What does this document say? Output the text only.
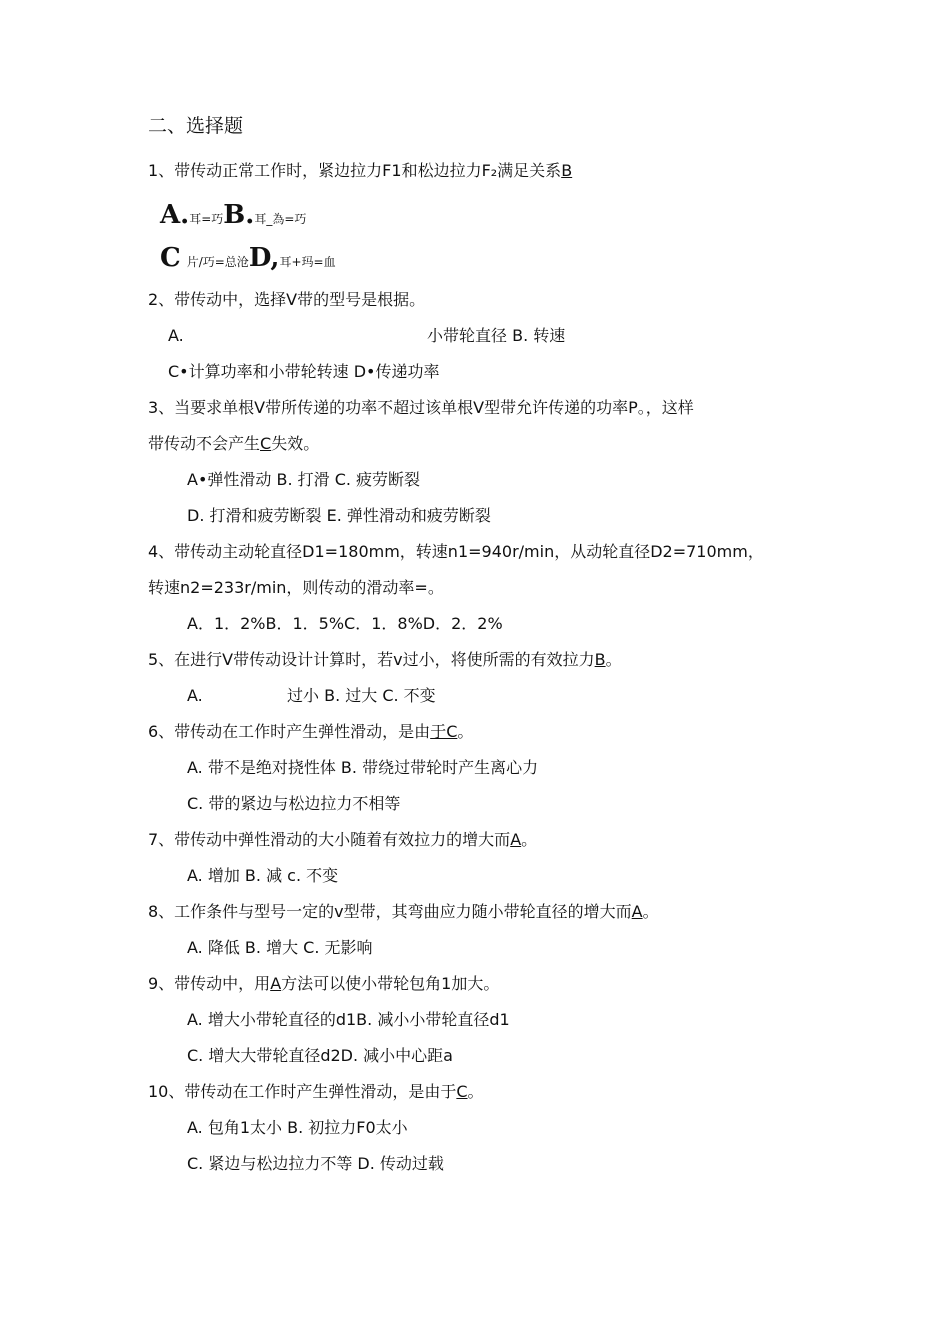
二、选择题
1、带传动正常工作时，紧边拉力F1和松边拉力F₂满足关系B
A.耳=巧B.耳_為=巧
C片/巧=总沧D,耳+玛=血
2、带传动中，选择V带的型号是根据。
A.	小带轮直径 B. 转速
C•计算功率和小带轮转速 D•传递功率
3、当要求单根V带所传递的功率不超过该单根V型带允许传递的功率P。，这样
带传动不会产生C失效。
A•弹性滑动 B. 打滑 C. 疲劳断裂
D. 打滑和疲劳断裂 E. 弹性滑动和疲劳断裂
4、带传动主动轮直径D1=180mm，转速n1=940r/min，从动轮直径D2=710mm，
转速n2=233r/min，则传动的滑动率=。
A．1．2%B．1．5%C．1．8%D．2．2%
5、在进行V带传动设计计算时，若v过小，将使所需的有效拉力B。
A.	过小 B. 过大 C. 不变
6、带传动在工作时产生弹性滑动，是由于C。
A. 带不是绝对挠性体 B. 带绕过带轮时产生离心力
C. 带的紧边与松边拉力不相等
7、带传动中弹性滑动的大小随着有效拉力的增大而A。
A. 增加 B. 减 c. 不变
8、工作条件与型号一定的v型带，其弯曲应力随小带轮直径的增大而A。
A. 降低 B. 增大 C. 无影响
9、带传动中，用A方法可以使小带轮包角1加大。
A. 增大小带轮直径的d1B. 减小小带轮直径d1
C. 增大大带轮直径d2D. 减小中心距a
10、带传动在工作时产生弹性滑动，是由于C。
A. 包角1太小 B. 初拉力F0太小
C. 紧边与松边拉力不等 D. 传动过载
